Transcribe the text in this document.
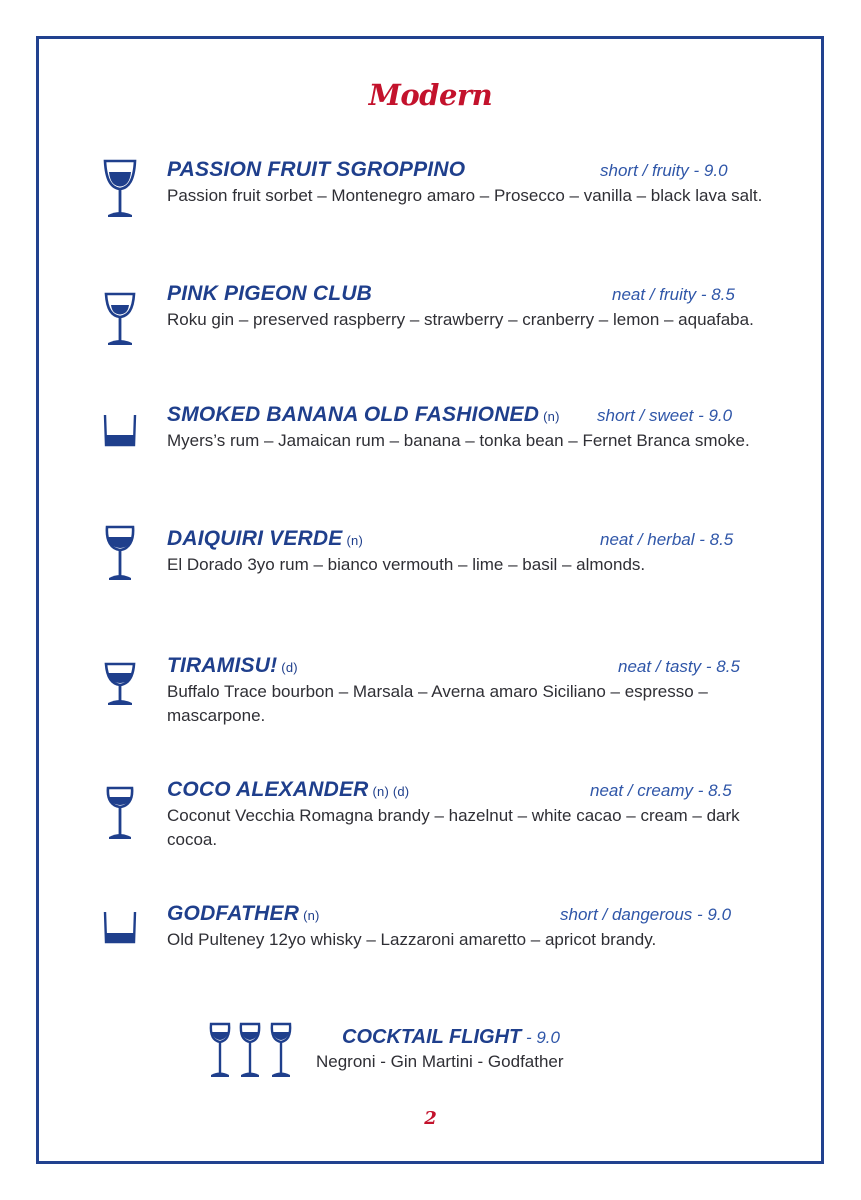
Modern
PASSION FRUIT SGROPPINO	short / fruity - 9.0
Passion fruit sorbet – Montenegro amaro – Prosecco – vanilla – black lava salt.
PINK PIGEON CLUB	neat / fruity - 8.5
Roku gin – preserved raspberry – strawberry – cranberry – lemon – aquafaba.
SMOKED BANANA OLD FASHIONED (n) short / sweet - 9.0
Myers’s rum – Jamaican rum – banana – tonka bean – Fernet Branca smoke.
DAIQUIRI VERDE (n)	neat / herbal - 8.5
El Dorado 3yo rum – bianco vermouth – lime – basil – almonds.
TIRAMISU! (d)	neat / tasty - 8.5
Buffalo Trace bourbon – Marsala – Averna amaro Siciliano – espresso – mascarpone.
COCO ALEXANDER (n) (d)	neat / creamy - 8.5
Coconut Vecchia Romagna brandy – hazelnut – white cacao – cream – dark cocoa.
GODFATHER (n)	short / dangerous - 9.0
Old Pulteney 12yo whisky – Lazzaroni amaretto – apricot brandy.
COCKTAIL FLIGHT - 9.0
Negroni - Gin Martini - Godfather
2
